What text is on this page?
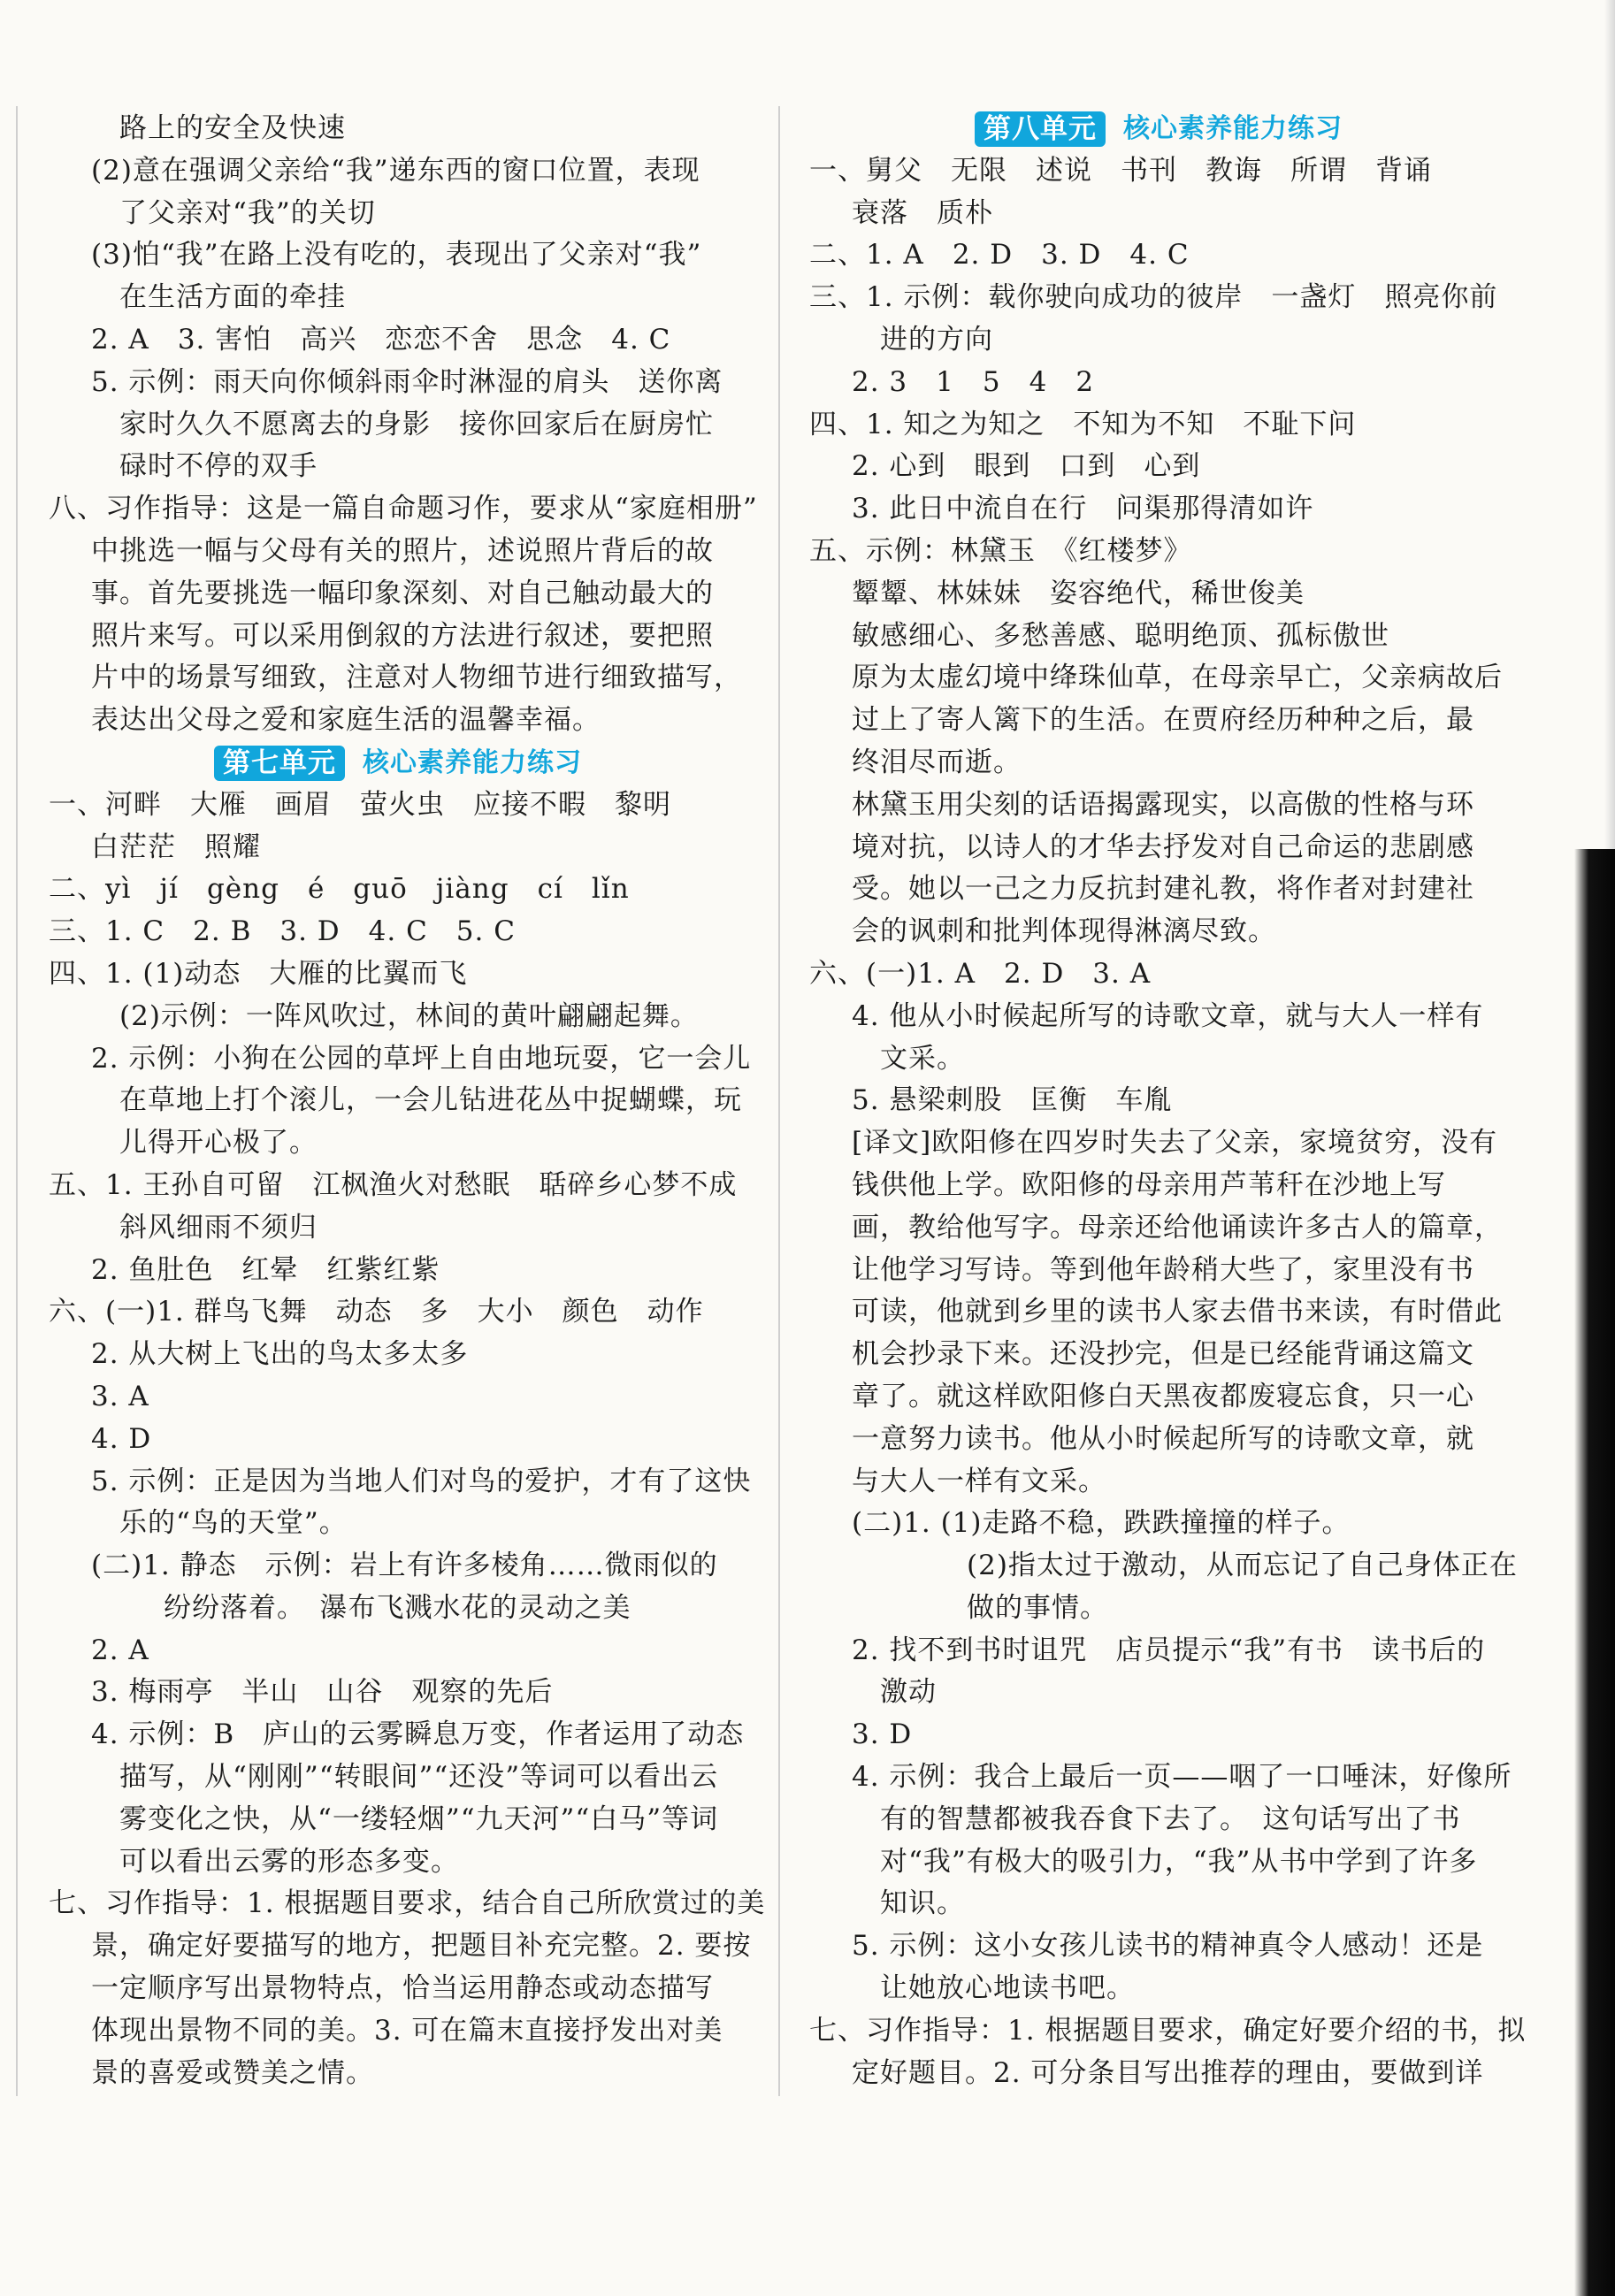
路上的安全及快速
(2)意在强调父亲给“我”递东西的窗口位置，表现
了父亲对“我”的关切
(3)怕“我”在路上没有吃的，表现出了父亲对“我”
在生活方面的牵挂
2. A　3. 害怕　高兴　恋恋不舍　思念　4. C
5. 示例：雨天向你倾斜雨伞时淋湿的肩头　送你离
家时久久不愿离去的身影　接你回家后在厨房忙
碌时不停的双手
八、习作指导：这是一篇自命题习作，要求从“家庭相册”
中挑选一幅与父母有关的照片，述说照片背后的故
事。首先要挑选一幅印象深刻、对自己触动最大的
照片来写。可以采用倒叙的方法进行叙述，要把照
片中的场景写细致，注意对人物细节进行细致描写，
表达出父母之爱和家庭生活的温馨幸福。
第七单元	核心素养能力练习
一、河畔　大雁　画眉　萤火虫　应接不暇　黎明
白茫茫　照耀
二、yì　jí　gèng　é　guō　jiàng　cí　lǐn
三、1. C　2. B　3. D　4. C　5. C
四、1. (1)动态　大雁的比翼而飞
(2)示例：一阵风吹过，林间的黄叶翩翩起舞。
2. 示例：小狗在公园的草坪上自由地玩耍，它一会儿
在草地上打个滚儿，一会儿钻进花丛中捉蝴蝶，玩
儿得开心极了。
五、1. 王孙自可留　江枫渔火对愁眠　聒碎乡心梦不成
斜风细雨不须归
2. 鱼肚色　红晕　红紫红紫
六、(一)1. 群鸟飞舞　动态　多　大小　颜色　动作
2. 从大树上飞出的鸟太多太多
3. A
4. D
5. 示例：正是因为当地人们对鸟的爱护，才有了这快
乐的“鸟的天堂”。
(二)1. 静态　示例：岩上有许多棱角……微雨似的
纷纷落着。　瀑布飞溅水花的灵动之美
2. A
3. 梅雨亭　半山　山谷　观察的先后
4. 示例：B　庐山的云雾瞬息万变，作者运用了动态
描写，从“刚刚”“转眼间”“还没”等词可以看出云
雾变化之快，从“一缕轻烟”“九天河”“白马”等词
可以看出云雾的形态多变。
七、习作指导：1. 根据题目要求，结合自己所欣赏过的美
景，确定好要描写的地方，把题目补充完整。2. 要按
一定顺序写出景物特点，恰当运用静态或动态描写
体现出景物不同的美。3. 可在篇末直接抒发出对美
景的喜爱或赞美之情。
第八单元	核心素养能力练习
一、舅父　无限　述说　书刊　教诲　所谓　背诵
衰落　质朴
二、1. A　2. D　3. D　4. C
三、1. 示例：载你驶向成功的彼岸　一盏灯　照亮你前
进的方向
2. 3　1　5　4　2
四、1. 知之为知之　不知为不知　不耻下问
2. 心到　眼到　口到　心到
3. 此日中流自在行　问渠那得清如许
五、示例：林黛玉　《红楼梦》
颦颦、林妹妹　姿容绝代，稀世俊美
敏感细心、多愁善感、聪明绝顶、孤标傲世
原为太虚幻境中绛珠仙草，在母亲早亡，父亲病故后
过上了寄人篱下的生活。在贾府经历种种之后，最
终泪尽而逝。
林黛玉用尖刻的话语揭露现实，以高傲的性格与环
境对抗，以诗人的才华去抒发对自己命运的悲剧感
受。她以一己之力反抗封建礼教，将作者对封建社
会的讽刺和批判体现得淋漓尽致。
六、(一)1. A　2. D　3. A
4. 他从小时候起所写的诗歌文章，就与大人一样有
文采。
5. 悬梁刺股　匡衡　车胤
[译文]欧阳修在四岁时失去了父亲，家境贫穷，没有
钱供他上学。欧阳修的母亲用芦苇秆在沙地上写
画，教给他写字。母亲还给他诵读许多古人的篇章，
让他学习写诗。等到他年龄稍大些了，家里没有书
可读，他就到乡里的读书人家去借书来读，有时借此
机会抄录下来。还没抄完，但是已经能背诵这篇文
章了。就这样欧阳修白天黑夜都废寝忘食，只一心
一意努力读书。他从小时候起所写的诗歌文章，就
与大人一样有文采。
(二)1. (1)走路不稳，跌跌撞撞的样子。
(2)指太过于激动，从而忘记了自己身体正在
做的事情。
2. 找不到书时诅咒　店员提示“我”有书　读书后的
激动
3. D
4. 示例：我合上最后一页——咽了一口唾沫，好像所
有的智慧都被我吞食下去了。　这句话写出了书
对“我”有极大的吸引力，“我”从书中学到了许多
知识。
5. 示例：这小女孩儿读书的精神真令人感动！还是
让她放心地读书吧。
七、习作指导：1. 根据题目要求，确定好要介绍的书，拟
定好题目。2. 可分条目写出推荐的理由，要做到详
